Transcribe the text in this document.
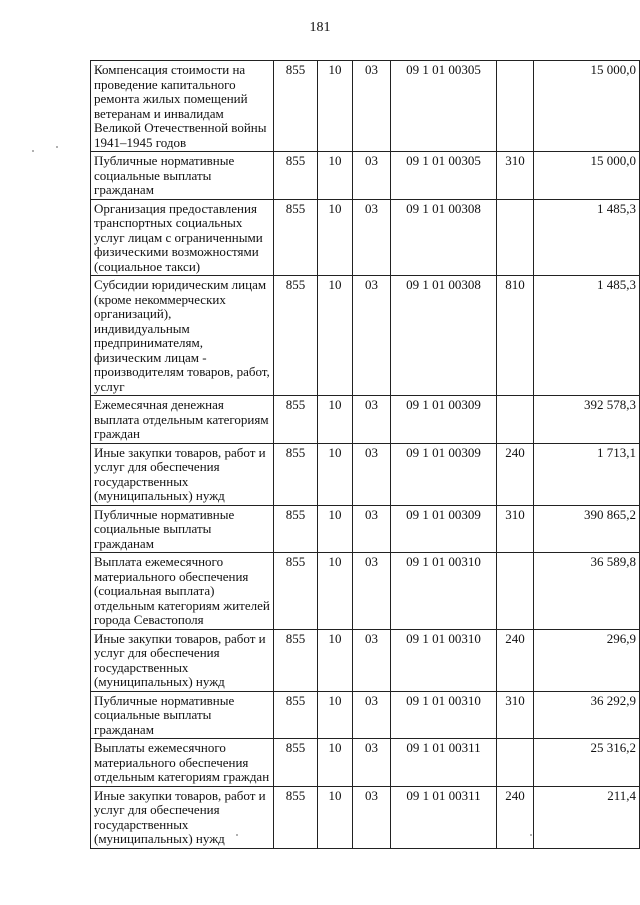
181
Компенсация стоимости на проведение капитального ремонта жилых помещений ветеранам и инвалидам Великой Отечественной войны 1941–1945 годов	855	10	03	09 1 01 00305		15 000,0
Публичные нормативные социальные выплаты гражданам	855	10	03	09 1 01 00305	310	15 000,0
Организация предоставления транспортных социальных услуг лицам с ограниченными физическими возможностями (социальное такси)	855	10	03	09 1 01 00308		1 485,3
Субсидии юридическим лицам (кроме некоммерческих организаций), индивидуальным предпринимателям, физическим лицам - производителям товаров, работ, услуг	855	10	03	09 1 01 00308	810	1 485,3
Ежемесячная денежная выплата отдельным категориям граждан	855	10	03	09 1 01 00309		392 578,3
Иные закупки товаров, работ и услуг для обеспечения государственных (муниципальных) нужд	855	10	03	09 1 01 00309	240	1 713,1
Публичные нормативные социальные выплаты гражданам	855	10	03	09 1 01 00309	310	390 865,2
Выплата ежемесячного материального обеспечения (социальная выплата) отдельным категориям жителей города Севастополя	855	10	03	09 1 01 00310		36 589,8
Иные закупки товаров, работ и услуг для обеспечения государственных (муниципальных) нужд	855	10	03	09 1 01 00310	240	296,9
Публичные нормативные социальные выплаты гражданам	855	10	03	09 1 01 00310	310	36 292,9
Выплаты ежемесячного материального обеспечения отдельным категориям граждан	855	10	03	09 1 01 00311		25 316,2
Иные закупки товаров, работ и услуг для обеспечения государственных (муниципальных) нужд	855	10	03	09 1 01 00311	240	211,4
